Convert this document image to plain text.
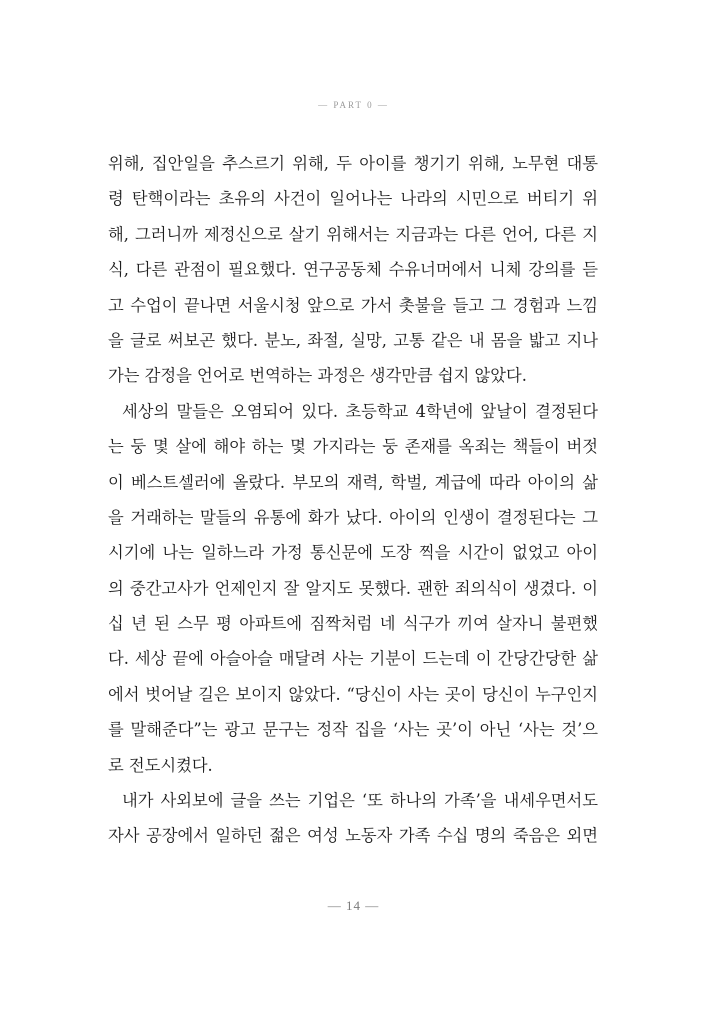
— PART 0 —
위해, 집안일을 추스르기 위해, 두 아이를 챙기기 위해, 노무현 대통
령 탄핵이라는 초유의 사건이 일어나는 나라의 시민으로 버티기 위
해, 그러니까 제정신으로 살기 위해서는 지금과는 다른 언어, 다른 지
식, 다른 관점이 필요했다. 연구공동체 수유너머에서 니체 강의를 듣
고 수업이 끝나면 서울시청 앞으로 가서 촛불을 들고 그 경험과 느낌
을 글로 써보곤 했다. 분노, 좌절, 실망, 고통 같은 내 몸을 밟고 지나
가는 감정을 언어로 번역하는 과정은 생각만큼 쉽지 않았다.
세상의 말들은 오염되어 있다. 초등학교 4학년에 앞날이 결정된다
는 둥 몇 살에 해야 하는 몇 가지라는 둥 존재를 옥죄는 책들이 버젓
이 베스트셀러에 올랐다. 부모의 재력, 학벌, 계급에 따라 아이의 삶
을 거래하는 말들의 유통에 화가 났다. 아이의 인생이 결정된다는 그
시기에 나는 일하느라 가정 통신문에 도장 찍을 시간이 없었고 아이
의 중간고사가 언제인지 잘 알지도 못했다. 괜한 죄의식이 생겼다. 이
십 년 된 스무 평 아파트에 짐짝처럼 네 식구가 끼여 살자니 불편했
다. 세상 끝에 아슬아슬 매달려 사는 기분이 드는데 이 간당간당한 삶
에서 벗어날 길은 보이지 않았다. “당신이 사는 곳이 당신이 누구인지
를 말해준다”는 광고 문구는 정작 집을 ‘사는 곳’이 아닌 ‘사는 것’으
로 전도시켰다.
내가 사외보에 글을 쓰는 기업은 ‘또 하나의 가족’을 내세우면서도
자사 공장에서 일하던 젊은 여성 노동자 가족 수십 명의 죽음은 외면
— 14 —
